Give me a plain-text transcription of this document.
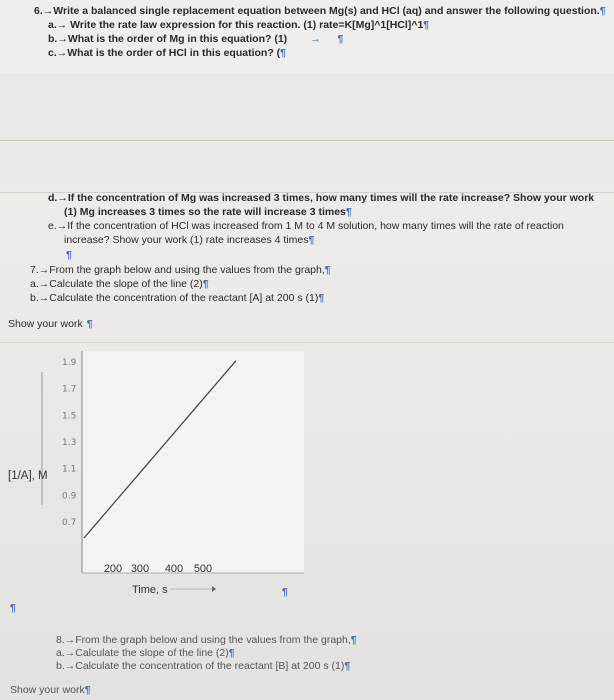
6.→Write a balanced single replacement equation between Mg(s) and HCl (aq) and answer the following question.¶
a.→ Write the rate law expression for this reaction. (1) rate=K[Mg]^1[HCl]^1¶
b.→What is the order of Mg in this equation? (1) → ¶
c.→What is the order of HCl in this equation? (¶
d.→If the concentration of Mg was increased 3 times, how many times will the rate increase? Show your work
(1) Mg increases 3 times so the rate will increase 3 times¶
e.→If the concentration of HCl was increased from 1 M to 4 M solution, how many times will the rate of reaction
increase? Show your work (1) rate increases 4 times¶
¶
7.→From the graph below and using the values from the graph,¶
a.→Calculate the slope of the line (2)¶
b.→Calculate the concentration of the reactant [A] at 200 s (1)¶
Show your work ¶
1.9
1.7
1.5
1.3
1.1
0.9
0.7
200 300 400 500
[1/A], M
Time, s
¶
¶
8.→From the graph below and using the values from the graph,¶
a.→Calculate the slope of the line (2)¶
b.→Calculate the concentration of the reactant [B] at 200 s (1)¶
Show your work¶
